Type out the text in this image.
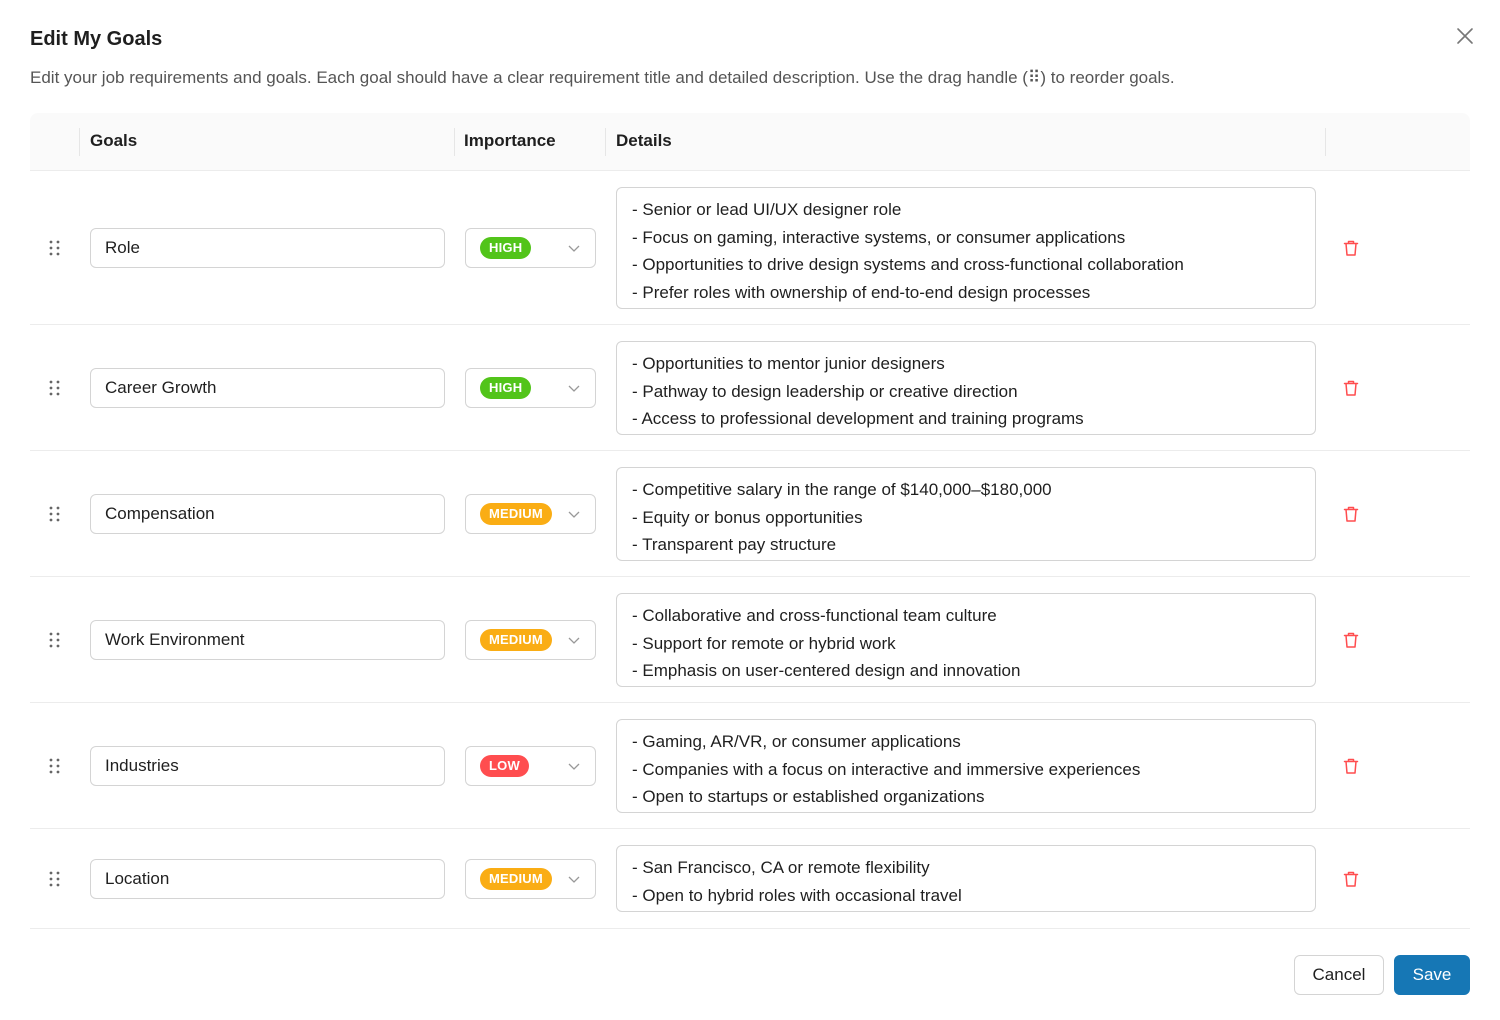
Edit My Goals
Edit your job requirements and goals. Each goal should have a clear requirement title and detailed description. Use the drag handle (⠿) to reorder goals.
Goals	Importance	Details
Role
HIGH
- Senior or lead UI/UX designer role
- Focus on gaming, interactive systems, or consumer applications
- Opportunities to drive design systems and cross-functional collaboration
- Prefer roles with ownership of end-to-end design processes
Career Growth
HIGH
- Opportunities to mentor junior designers
- Pathway to design leadership or creative direction
- Access to professional development and training programs
Compensation
MEDIUM
- Competitive salary in the range of $140,000–$180,000
- Equity or bonus opportunities
- Transparent pay structure
Work Environment
MEDIUM
- Collaborative and cross-functional team culture
- Support for remote or hybrid work
- Emphasis on user-centered design and innovation
Industries
LOW
- Gaming, AR/VR, or consumer applications
- Companies with a focus on interactive and immersive experiences
- Open to startups or established organizations
Location
MEDIUM
- San Francisco, CA or remote flexibility
- Open to hybrid roles with occasional travel
Cancel	Save
